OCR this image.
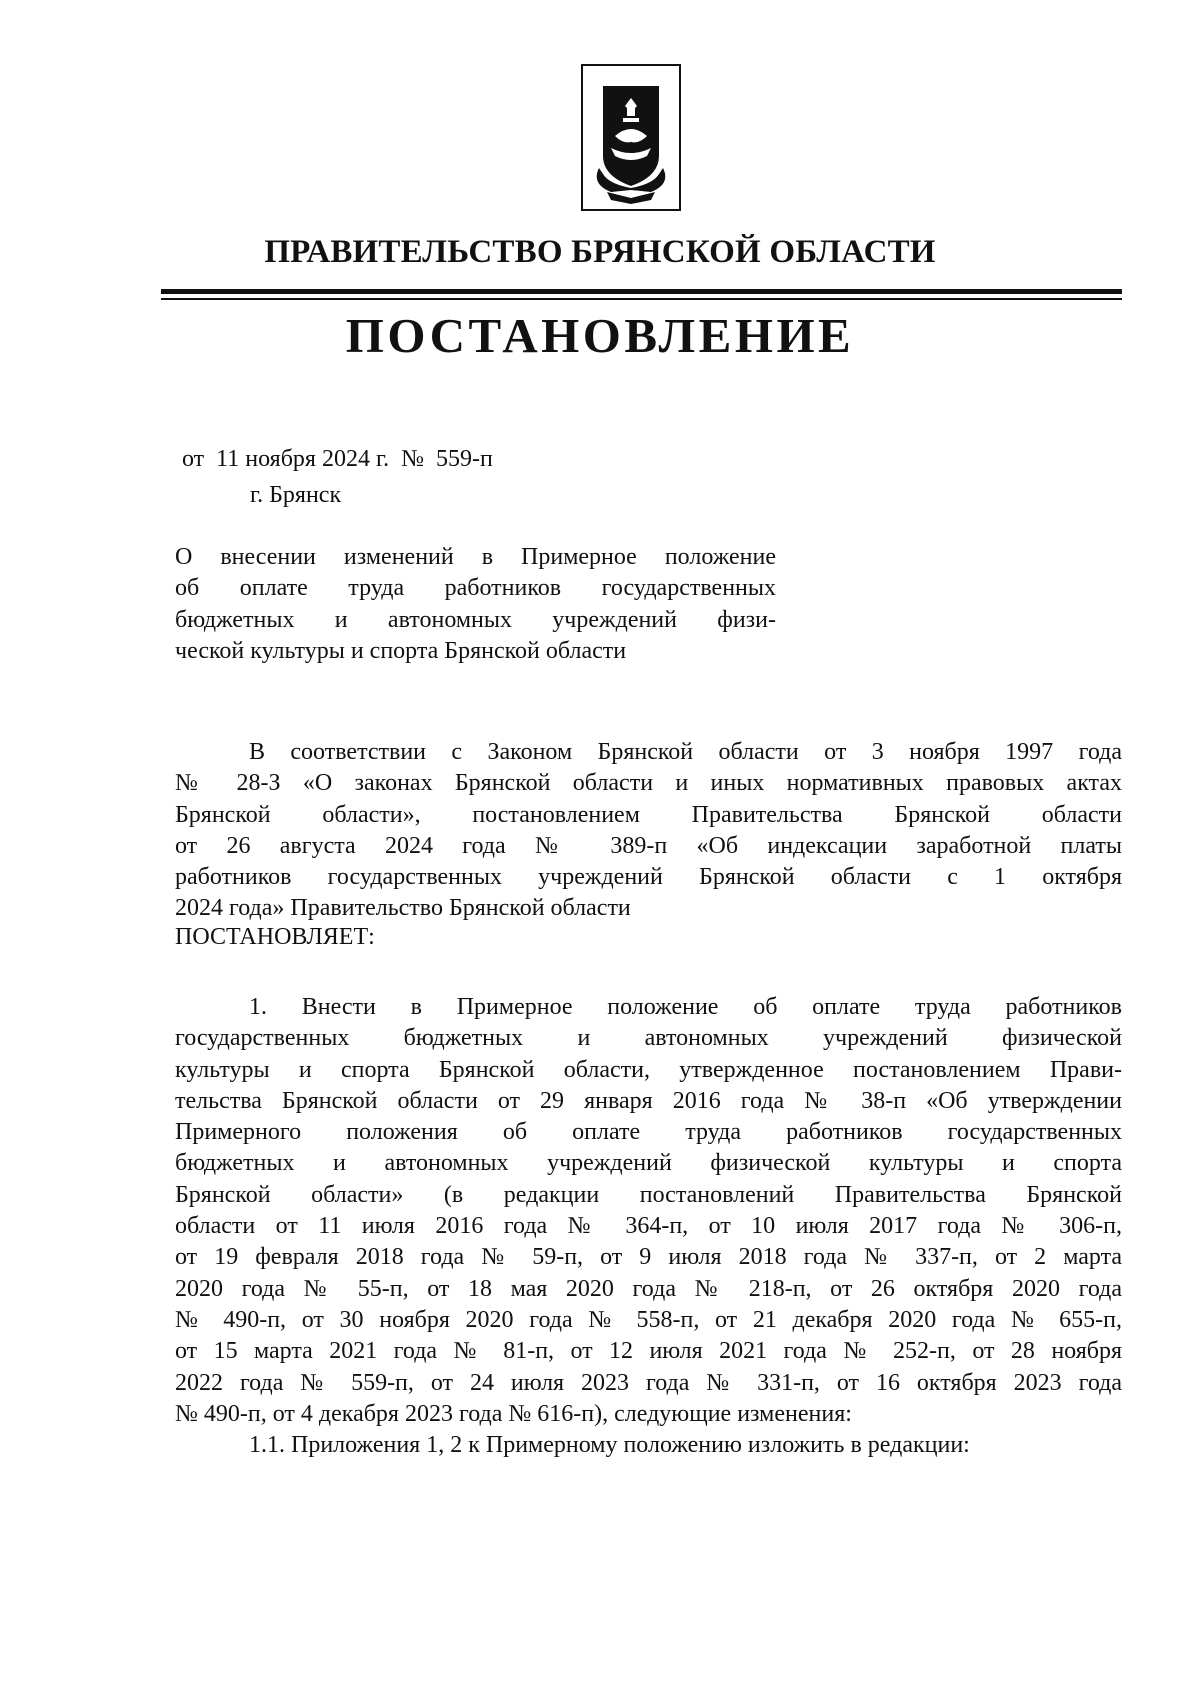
ПРАВИТЕЛЬСТВО БРЯНСКОЙ ОБЛАСТИ
ПОСТАНОВЛЕНИЕ
от  11 ноября 2024 г.  №  559-п
г. Брянск
О внесении изменений в Примерное положение
об оплате труда работников государственных
бюджетных и автономных учреждений физи-
ческой культуры и спорта Брянской области
В соответствии с Законом Брянской области от 3 ноября 1997 года
№ 28-З «О законах Брянской области и иных нормативных правовых актах
Брянской области», постановлением Правительства Брянской области
от 26 августа 2024 года № 389-п «Об индексации заработной платы
работников государственных учреждений Брянской области с 1 октября
2024 года» Правительство Брянской области
ПОСТАНОВЛЯЕТ:
1. Внести в Примерное положение об оплате труда работников
государственных бюджетных и автономных учреждений физической
культуры и спорта Брянской области, утвержденное постановлением Прави-
тельства Брянской области от 29 января 2016 года № 38-п «Об утверждении
Примерного положения об оплате труда работников государственных
бюджетных и автономных учреждений физической культуры и спорта
Брянской области» (в редакции постановлений Правительства Брянской
области от 11 июля 2016 года № 364-п, от 10 июля 2017 года № 306-п,
от 19 февраля 2018 года № 59-п, от 9 июля 2018 года № 337-п, от 2 марта
2020 года № 55-п, от 18 мая 2020 года № 218-п, от 26 октября 2020 года
№ 490-п, от 30 ноября 2020 года № 558-п, от 21 декабря 2020 года № 655-п,
от 15 марта 2021 года № 81-п, от 12 июля 2021 года № 252-п, от 28 ноября
2022 года № 559-п, от 24 июля 2023 года № 331-п, от 16 октября 2023 года
№ 490-п, от 4 декабря 2023 года № 616-п), следующие изменения:
1.1. Приложения 1, 2 к Примерному положению изложить в редакции:
